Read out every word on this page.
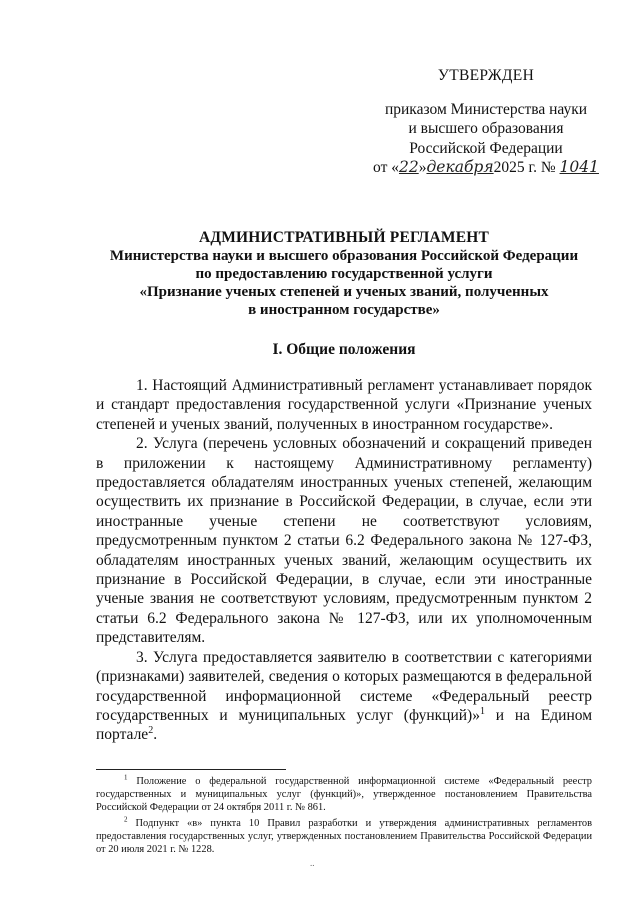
УТВЕРЖДЕН
приказом Министерства науки
и высшего образования
Российской Федерации
от «22»декабря2025 г. № 1041
АДМИНИСТРАТИВНЫЙ РЕГЛАМЕНТ
Министерства науки и высшего образования Российской Федерации
по предоставлению государственной услуги
«Признание ученых степеней и ученых званий, полученных
в иностранном государстве»
I. Общие положения

1. Настоящий Административный регламент устанавливает порядок и стандарт предоставления государственной услуги «Признание ученых степеней и ученых званий, полученных в иностранном государстве».

2. Услуга (перечень условных обозначений и сокращений приведен в приложении к настоящему Административному регламенту) предоставляется обладателям иностранных ученых степеней, желающим осуществить их признание в Российской Федерации, в случае, если эти иностранные ученые степени не соответствуют условиям, предусмотренным пунктом 2 статьи 6.2 Федерального закона № 127-ФЗ, обладателям иностранных ученых званий, желающим осуществить их признание в Российской Федерации, в случае, если эти иностранные ученые звания не соответствуют условиям, предусмотренным пунктом 2 статьи 6.2 Федерального закона № 127-ФЗ, или их уполномоченным представителям.

3. Услуга предоставляется заявителю в соответствии с категориями (признаками) заявителей, сведения о которых размещаются в федеральной государственной информационной системе «Федеральный реестр государственных и муниципальных услуг (функций)»$^1$ и на Едином портале$^2$.

$^1$ Положение о федеральной государственной информационной системе «Федеральный реестр государственных и муниципальных услуг (функций)», утвержденное постановлением Правительства Российской Федерации от 24 октября 2011 г. № 861.

$^2$ Подпункт «в» пункта 10 Правил разработки и утверждения административных регламентов предоставления государственных услуг, утвержденных постановлением Правительства Российской Федерации от 20 июля 2021 г. № 1228.

..
